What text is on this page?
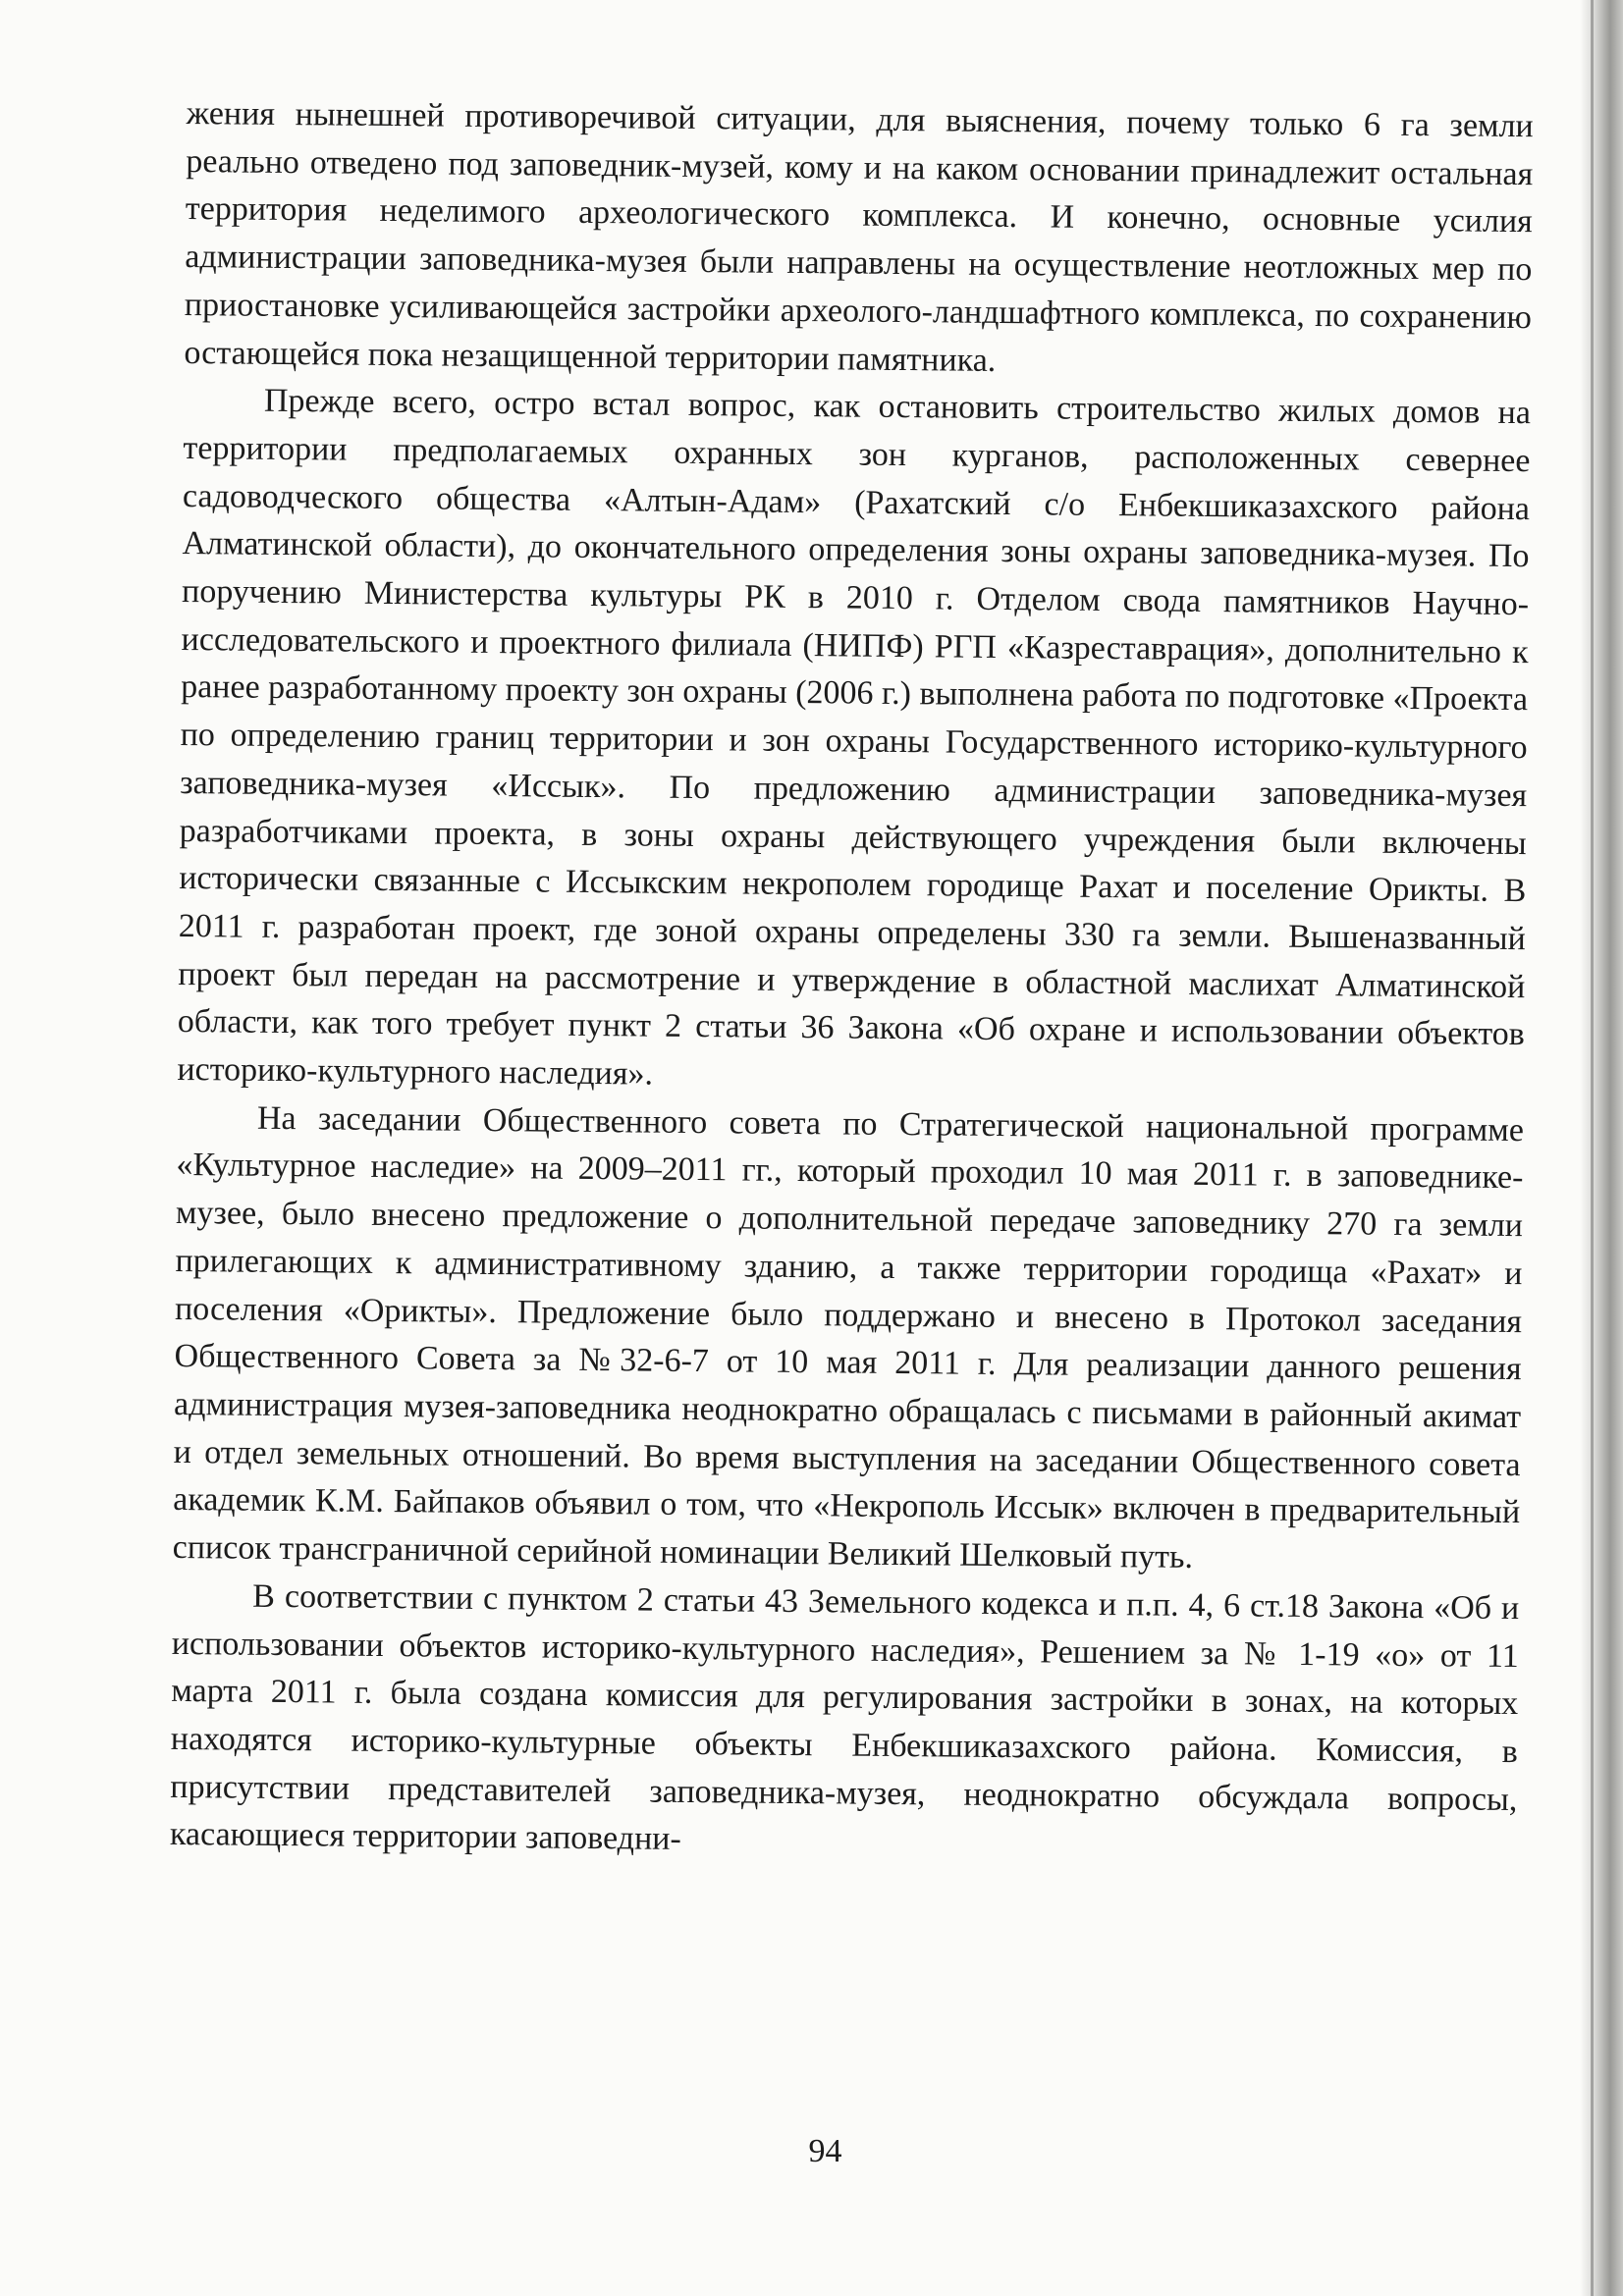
жения нынешней противоречивой ситуации, для выяснения, почему только 6 га земли реально отведено под заповедник-музей, кому и на каком основании принадлежит остальная территория неделимого археологического комплекса. И конечно, основные усилия администрации заповедника-музея были направлены на осуществление неотложных мер по приостановке усиливающейся застройки археолого-ландшафтного комплекса, по сохранению остающейся пока незащищенной территории памятника.

Прежде всего, остро встал вопрос, как остановить строительство жилых домов на территории предполагаемых охранных зон курганов, расположенных севернее садоводческого общества «Алтын-Адам» (Рахатский с/о Енбекшиказахского района Алматинской области), до окончательного определения зоны охраны заповедника-музея. По поручению Министерства культуры РК в 2010 г. Отделом свода памятников Научно-исследовательского и проектного филиала (НИПФ) РГП «Казреставрация», дополнительно к ранее разработанному проекту зон охраны (2006 г.) выполнена работа по подготовке «Проекта по определению границ территории и зон охраны Государственного историко-культурного заповедника-музея «Иссык». По предложению администрации заповедника-музея разработчиками проекта, в зоны охраны действующего учреждения были включены исторически связанные с Иссыкским некрополем городище Рахат и поселение Орикты. В 2011 г. разработан проект, где зоной охраны определены 330 га земли. Вышеназванный проект был передан на рассмотрение и утверждение в областной маслихат Алматинской области, как того требует пункт 2 статьи 36 Закона «Об охране и использовании объектов историко-культурного наследия».

На заседании Общественного совета по Стратегической национальной программе «Культурное наследие» на 2009–2011 гг., который проходил 10 мая 2011 г. в заповеднике-музее, было внесено предложение о дополнительной передаче заповеднику 270 га земли прилегающих к административному зданию, а также территории городища «Рахат» и поселения «Орикты». Предложение было поддержано и внесено в Протокол заседания Общественного Совета за №32-6-7 от 10 мая 2011 г. Для реализации данного решения администрация музея-заповедника неоднократно обращалась с письмами в районный акимат и отдел земельных отношений. Во время выступления на заседании Общественного совета академик К.М. Байпаков объявил о том, что «Некрополь Иссык» включен в предварительный список трансграничной серийной номинации Великий Шелковый путь.

В соответствии с пунктом 2 статьи 43 Земельного кодекса и п.п. 4, 6 ст.18 Закона «Об и использовании объектов историко-культурного наследия», Решением за № 1-19 «о» от 11 марта 2011 г. была создана комиссия для регулирования застройки в зонах, на которых находятся историко-культурные объекты Енбекшиказахского района. Комиссия, в присутствии представителей заповедника-музея, неоднократно обсуждала вопросы, касающиеся территории заповедни-

94
